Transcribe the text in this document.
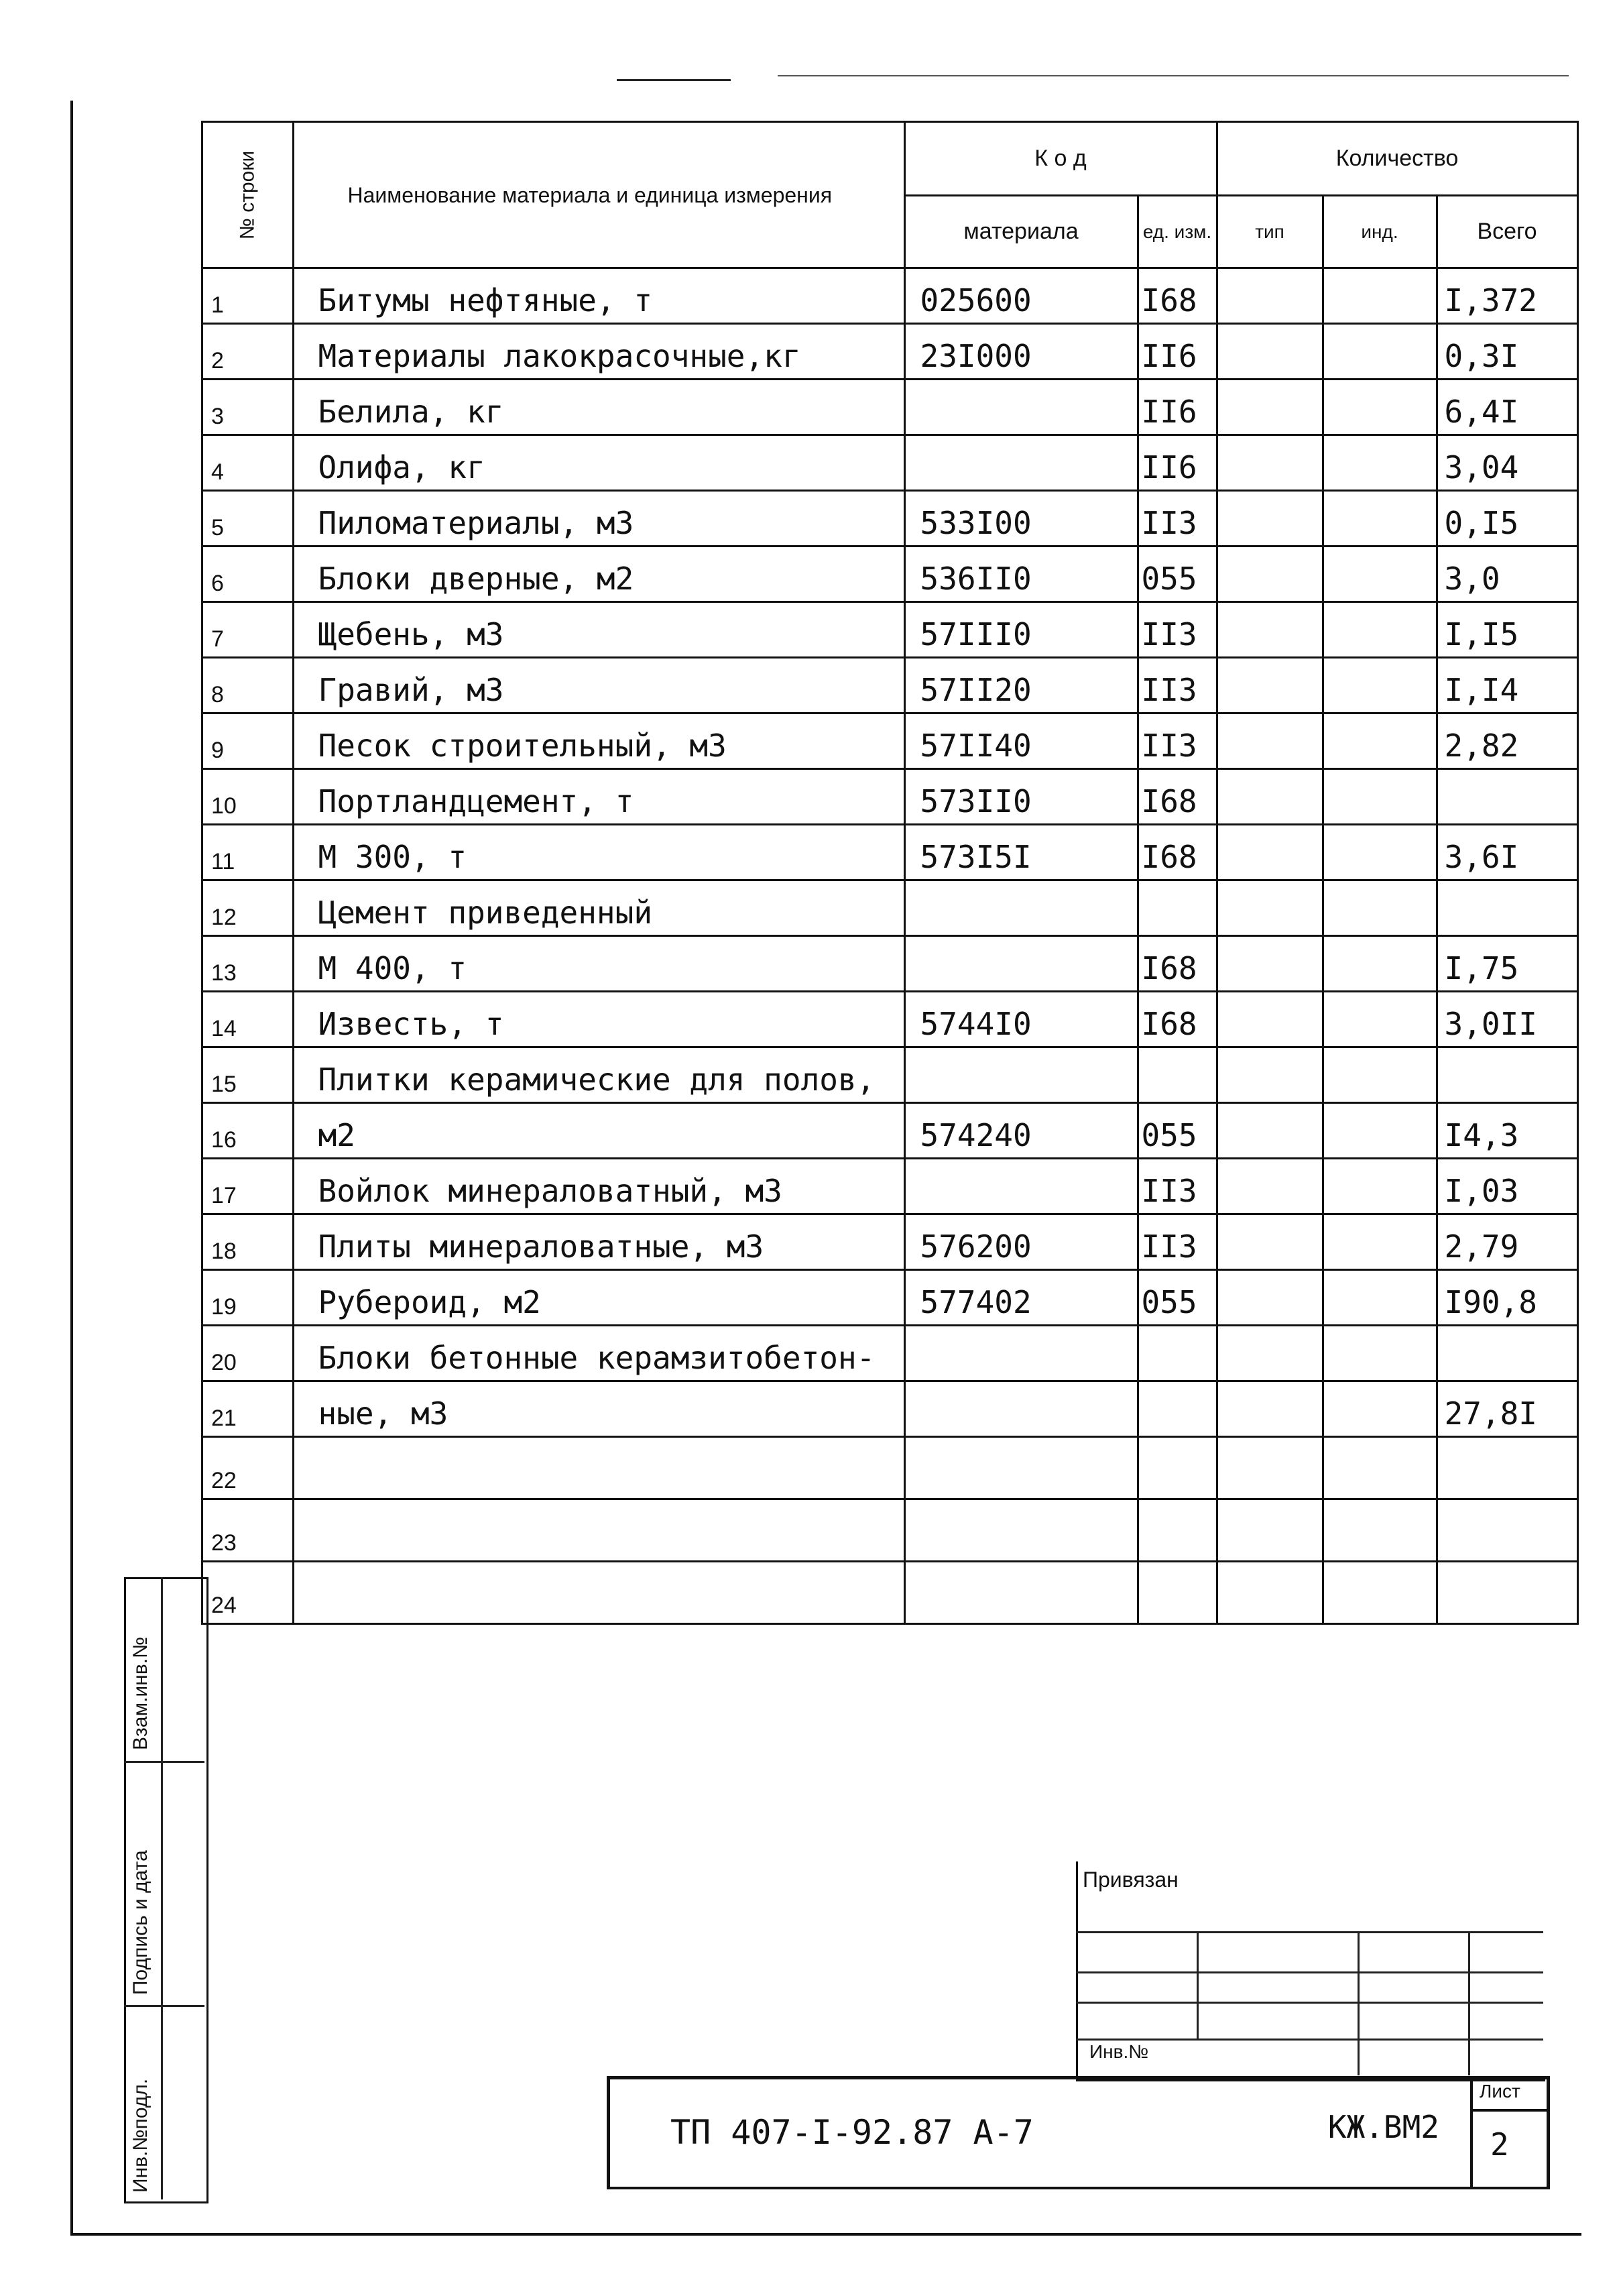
№ строки	Наименование материала и единица измерения	К о д		Количество		
		материала	ед. изм.	тип	инд.	Всего
1	Битумы нефтяные, т	025600	I68			I,372
2	Материалы лакокрасочные,кг	23I000	II6			0,3I
3	Белила, кг		II6			6,4I
4	Олифа, кг		II6			3,04
5	Пиломатериалы, м3	533I00	II3			0,I5
6	Блоки дверные, м2	536II0	055			3,0
7	Щебень, м3	57III0	II3			I,I5
8	Гравий, м3	57II20	II3			I,I4
9	Песок строительный, м3	57II40	II3			2,82
10	Портландцемент, т	573II0	I68			
11	М 300, т	573I5I	I68			3,6I
12	Цемент приведенный					
13	М 400, т		I68			I,75
14	Известь, т	5744I0	I68			3,0II
15	Плитки керамические для полов,					
16	м2	574240	055			I4,3
17	Войлок минераловатный, м3		II3			I,03
18	Плиты минераловатные, м3	576200	II3			2,79
19	Рубероид, м2	577402	055			I90,8
20	Блоки бетонные керамзитобетон-					
21	ные, м3					27,8I
22						
23						
24						
Взам.инв.№
Подпись и дата
Инв.№подл.
Привязан
Инв.№
ТП 407-I-92.87 А-7	КЖ.ВМ2
Лист
2
